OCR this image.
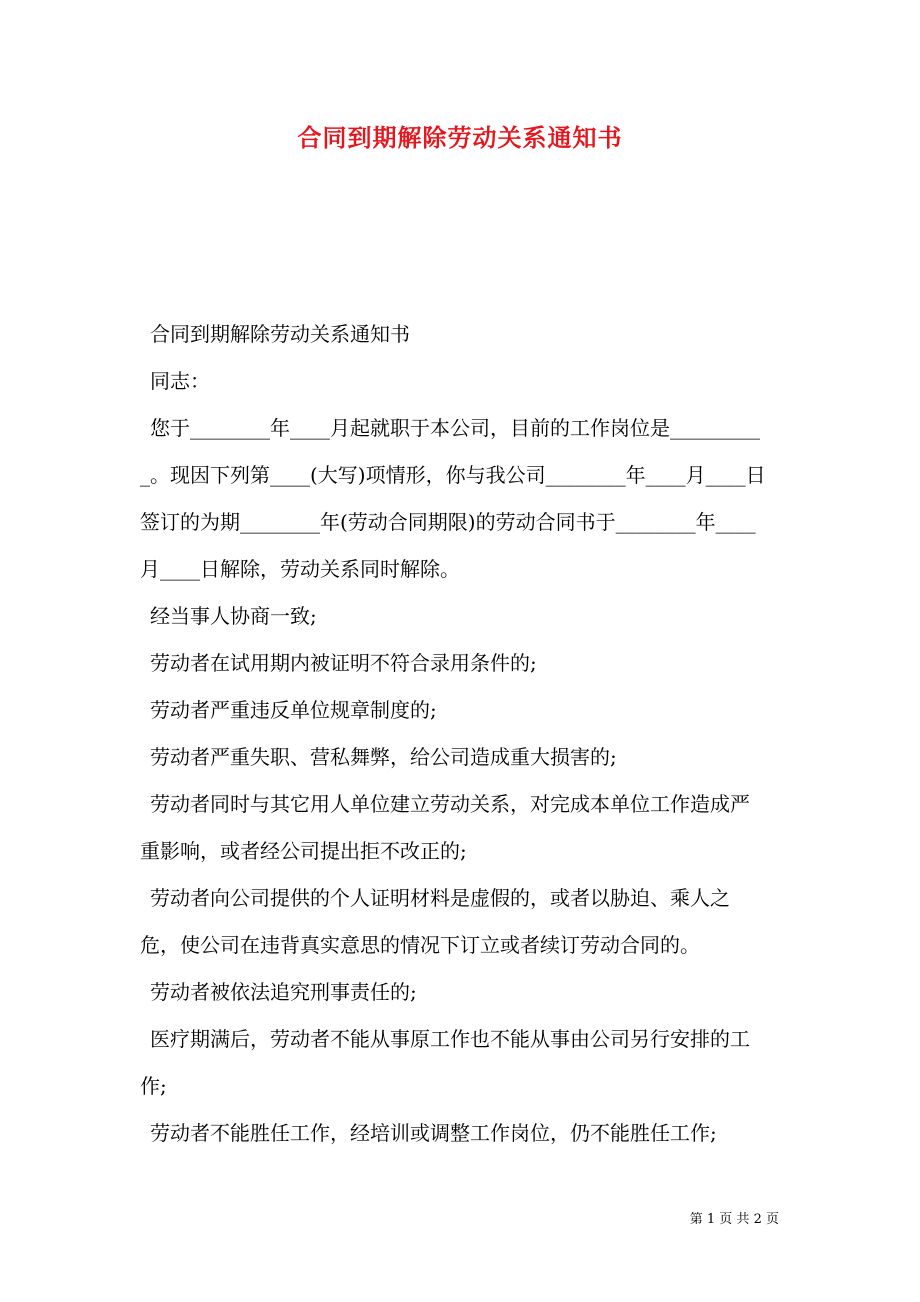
合同到期解除劳动关系通知书

合同到期解除劳动关系通知书

同志：

您于________年____月起就职于本公司，目前的工作岗位是__________。现因下列第____(大写)项情形，你与我公司________年____月____日签订的为期________年(劳动合同期限)的劳动合同书于________年____月____日解除，劳动关系同时解除。

经当事人协商一致;

劳动者在试用期内被证明不符合录用条件的;

劳动者严重违反单位规章制度的;

劳动者严重失职、营私舞弊，给公司造成重大损害的;

劳动者同时与其它用人单位建立劳动关系，对完成本单位工作造成严重影响，或者经公司提出拒不改正的;

劳动者向公司提供的个人证明材料是虚假的，或者以胁迫、乘人之危，使公司在违背真实意思的情况下订立或者续订劳动合同的。

劳动者被依法追究刑事责任的;

医疗期满后，劳动者不能从事原工作也不能从事由公司另行安排的工作;

劳动者不能胜任工作，经培训或调整工作岗位，仍不能胜任工作;

第 1 页 共 2 页
